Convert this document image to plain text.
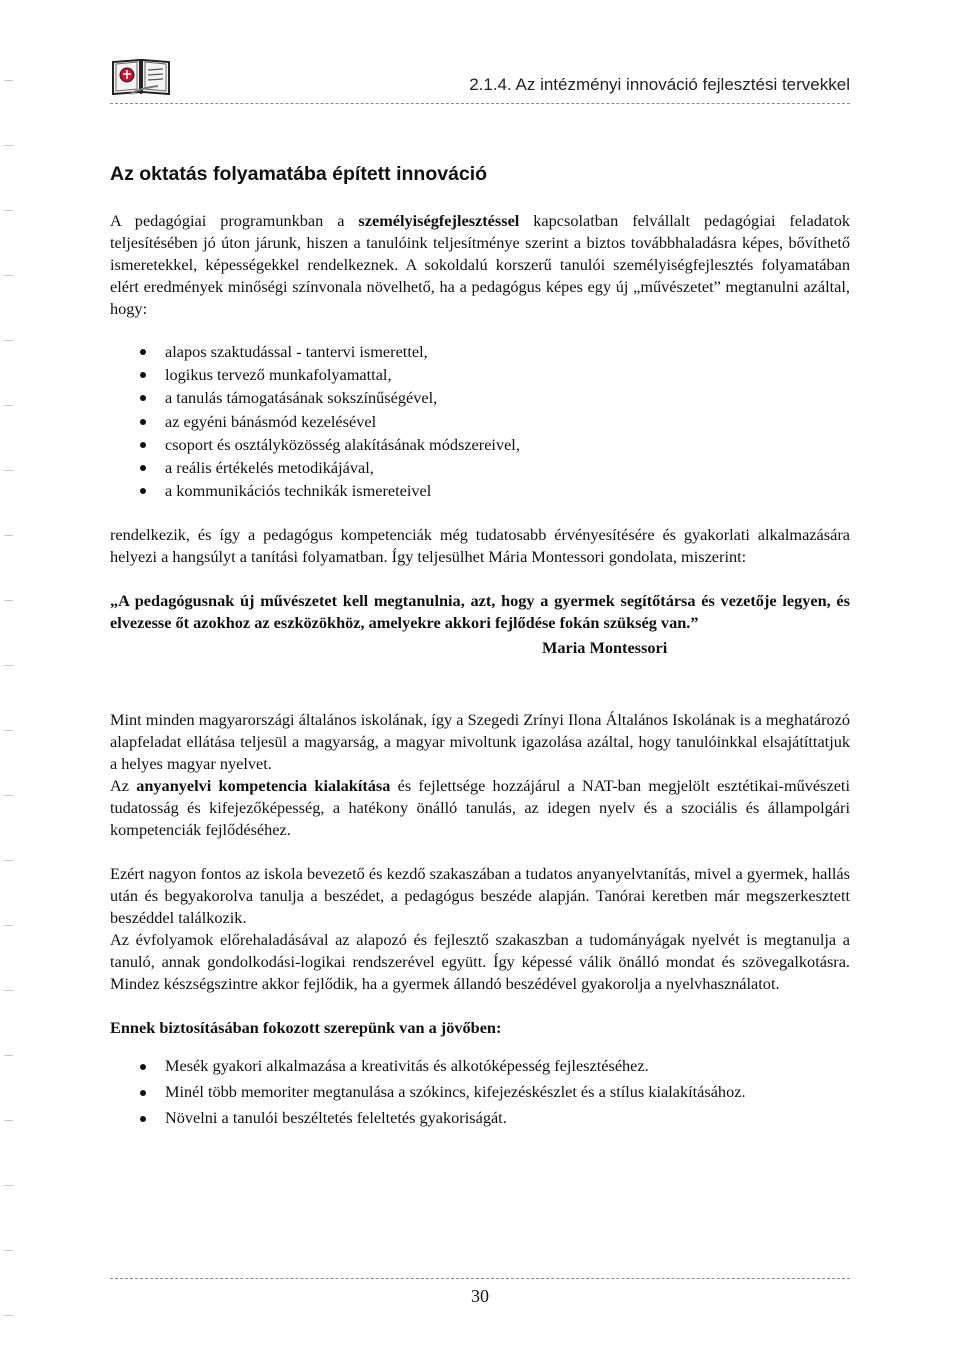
2.1.4. Az intézményi innováció fejlesztési tervekkel
Az oktatás folyamatába épített innováció

A pedagógiai programunkban a személyiségfejlesztéssel kapcsolatban felvállalt pedagógiai feladatok teljesítésében jó úton járunk, hiszen a tanulóink teljesítménye szerint a biztos továbbhaladásra képes, bővíthető ismeretekkel, képességekkel rendelkeznek. A sokoldalú korszerű tanulói személyiségfejlesztés folyamatában elért eredmények minőségi színvonala növelhető, ha a pedagógus képes egy új „művészetet” megtanulni azáltal, hogy:

alapos szaktudással - tantervi ismerettel,
logikus tervező munkafolyamattal,
a tanulás támogatásának sokszínűségével,
az egyéni bánásmód kezelésével
csoport és osztályközösség alakításának módszereivel,
a reális értékelés metodikájával,
a kommunikációs technikák ismereteivel

rendelkezik, és így a pedagógus kompetenciák még tudatosabb érvényesítésére és gyakorlati alkalmazására helyezi a hangsúlyt a tanítási folyamatban. Így teljesülhet Mária Montessori gondolata, miszerint:

„A pedagógusnak új művészetet kell megtanulnia, azt, hogy a gyermek segítőtársa és vezetője legyen, és elvezesse őt azokhoz az eszközökhöz, amelyekre akkori fejlődése fokán szükség van.”

Maria Montessori

Mint minden magyarországi általános iskolának, így a Szegedi Zrínyi Ilona Általános Iskolának is a meghatározó alapfeladat ellátása teljesül a magyarság, a magyar mivoltunk igazolása azáltal, hogy tanulóinkkal elsajátíttatjuk a helyes magyar nyelvet.

Az anyanyelvi kompetencia kialakítása és fejlettsége hozzájárul a NAT-ban megjelölt esztétikai-művészeti tudatosság és kifejezőképesség, a hatékony önálló tanulás, az idegen nyelv és a szociális és állampolgári kompetenciák fejlődéséhez.

Ezért nagyon fontos az iskola bevezető és kezdő szakaszában a tudatos anyanyelvtanítás, mivel a gyermek, hallás után és begyakorolva tanulja a beszédet, a pedagógus beszéde alapján. Tanórai keretben már megszerkesztett beszéddel találkozik.

Az évfolyamok előrehaladásával az alapozó és fejlesztő szakaszban a tudományágak nyelvét is megtanulja a tanuló, annak gondolkodási-logikai rendszerével együtt. Így képessé válik önálló mondat és szövegalkotásra. Mindez készségszintre akkor fejlődik, ha a gyermek állandó beszédével gyakorolja a nyelvhasználatot.

Ennek biztosításában fokozott szerepünk van a jövőben:

Mesék gyakori alkalmazása a kreativitás és alkotóképesség fejlesztéséhez.
Minél több memoriter megtanulása a szókincs, kifejezéskészlet és a stílus kialakításához.
Növelni a tanulói beszéltetés feleltetés gyakoriságát.
30
